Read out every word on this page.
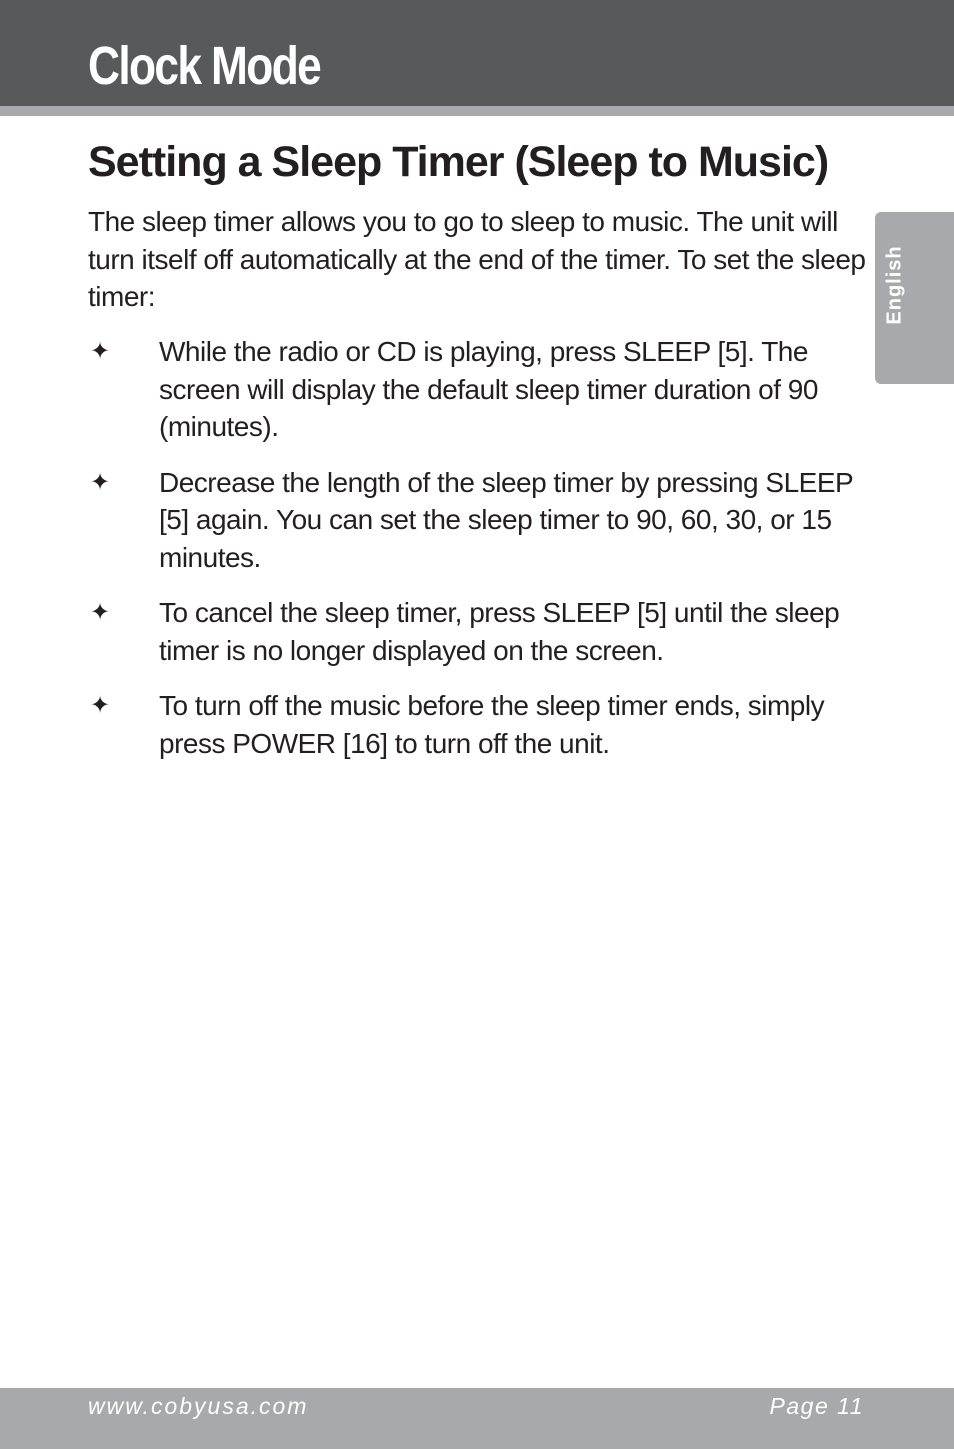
Clock Mode
English
Setting a Sleep Timer (Sleep to Music)

The sleep timer allows you to go to sleep to music. The unit will turn itself off automatically at the end of the timer. To set the sleep timer:

✦ While the radio or CD is playing, press SLEEP [5]. The screen will display the default sleep timer duration of 90 (minutes).
✦ Decrease the length of the sleep timer by pressing SLEEP [5] again. You can set the sleep timer to 90, 60, 30, or 15 minutes.
✦ To cancel the sleep timer, press SLEEP [5] until the sleep timer is no longer displayed on the screen.
✦ To turn off the music before the sleep timer ends, simply press POWER [16] to turn off the unit.
www.cobyusa.com	Page 11
